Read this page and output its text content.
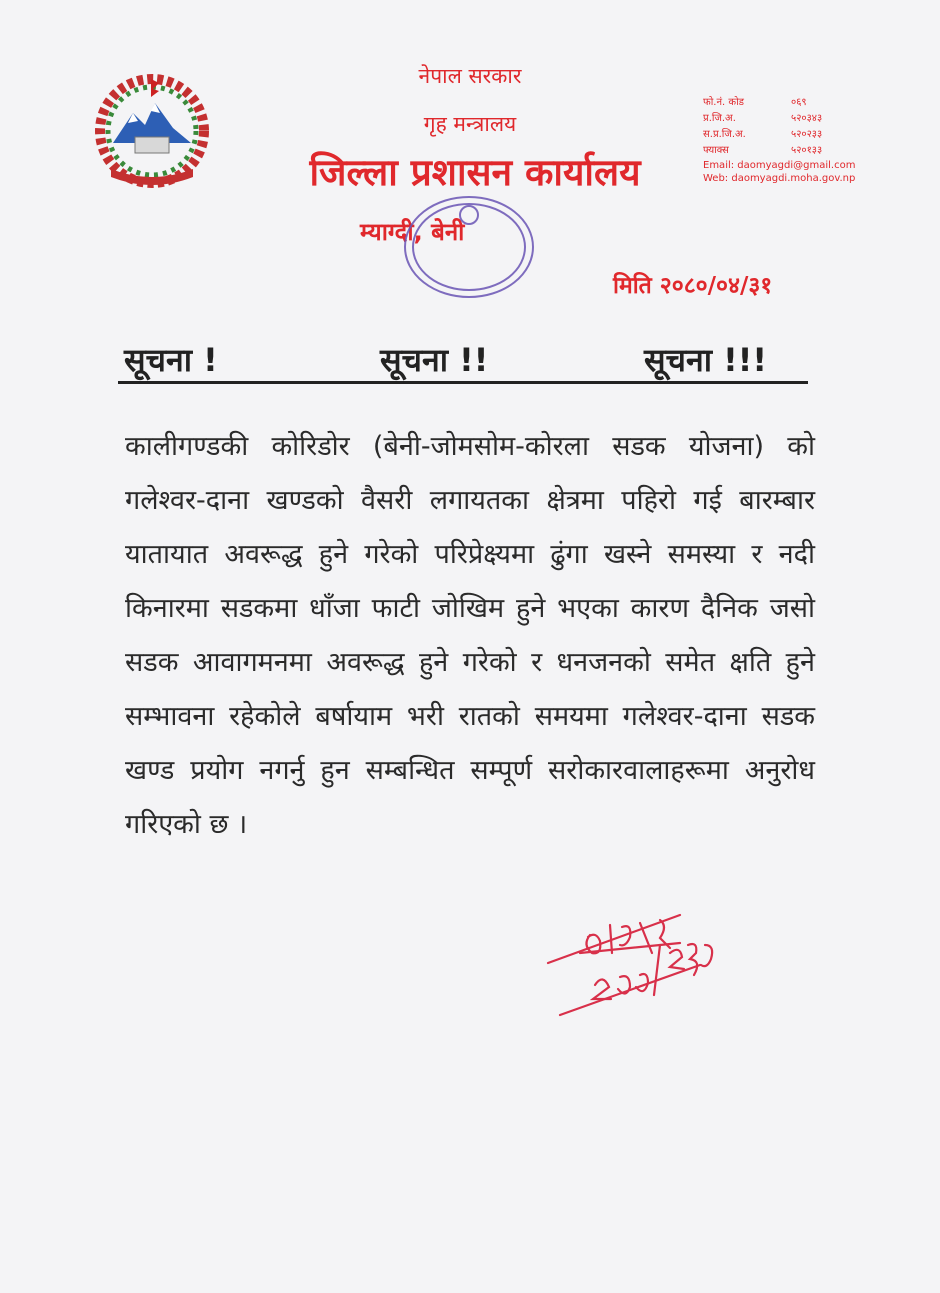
नेपाल सरकार
गृह मन्त्रालय
जिल्ला प्रशासन कार्यालय
म्याग्दी, बेनी
फो.नं. कोड	०६९
प्र.जि.अ.	५२०३४३
स.प्र.जि.अ.	५२०२३३
फ्याक्स	५२०१३३
Email: daomyagdi@gmail.com
Web: daomyagdi.moha.gov.np
मिति २०८०/०४/३१
सूचना !	सूचना !!	सूचना !!!

कालीगण्डकी कोरिडोर (बेनी-जोमसोम-कोरला सडक योजना) को गलेश्वर-दाना खण्डको वैसरी लगायतका क्षेत्रमा पहिरो गई बारम्बार यातायात अवरूद्ध हुने गरेको परिप्रेक्ष्यमा ढुंगा खस्ने समस्या र नदी किनारमा सडकमा धाँजा फाटी जोखिम हुने भएका कारण दैनिक जसो सडक आवागमनमा अवरूद्ध हुने गरेको र धनजनको समेत क्षति हुने सम्भावना रहेकोले बर्षायाम भरी रातको समयमा गलेश्वर-दाना सडक खण्ड प्रयोग नगर्नु हुन सम्बन्धित सम्पूर्ण सरोकारवालाहरूमा अनुरोध गरिएको छ ।
